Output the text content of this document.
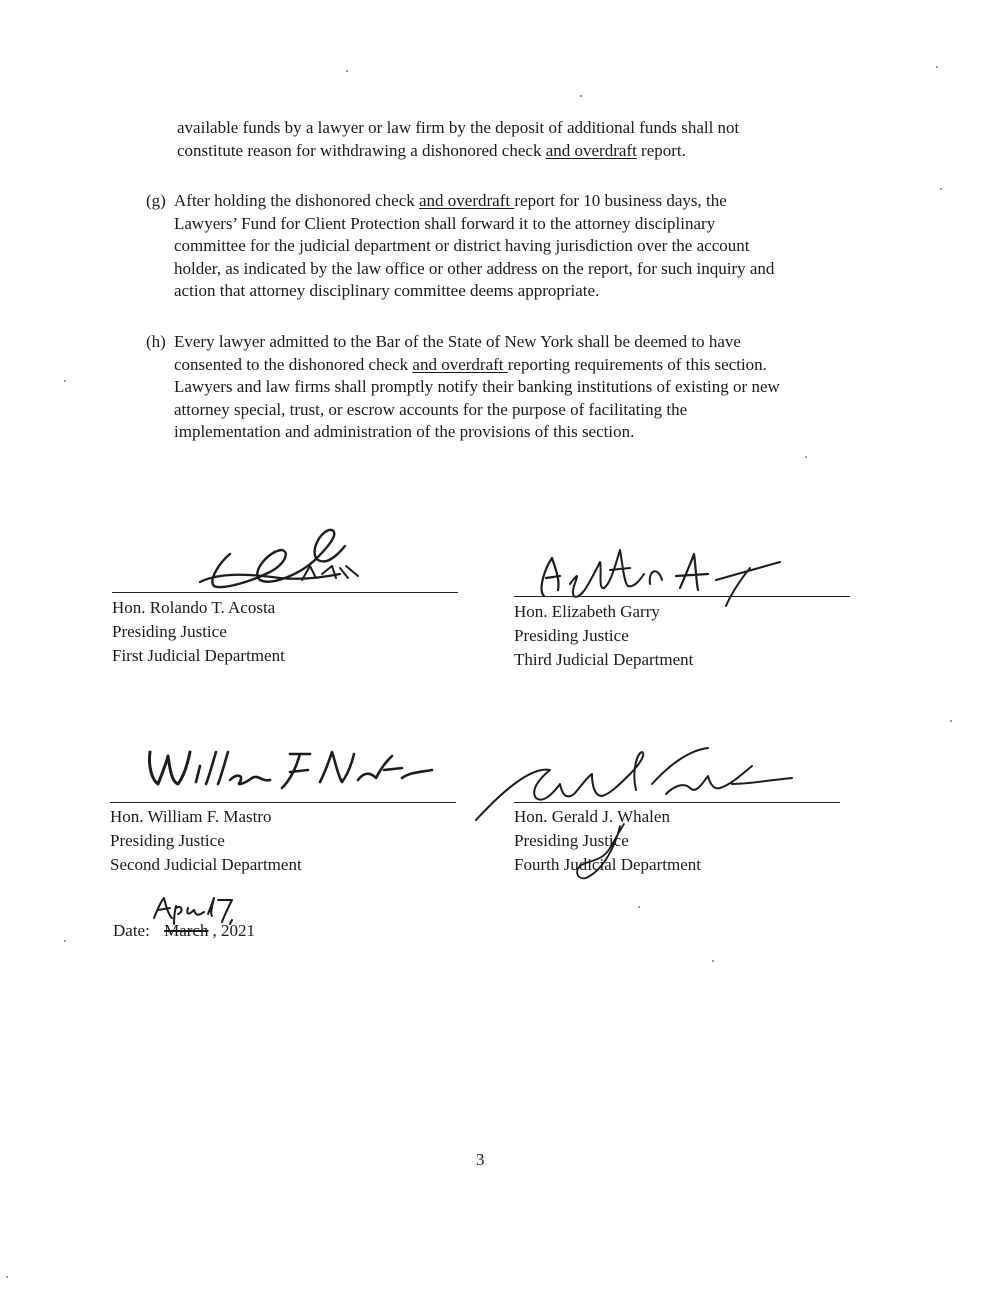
available funds by a lawyer or law firm by the deposit of additional funds shall not
constitute reason for withdrawing a dishonored check and overdraft report.

(g) After holding the dishonored check and overdraft report for 10 business days, the
Lawyers’ Fund for Client Protection shall forward it to the attorney disciplinary
committee for the judicial department or district having jurisdiction over the account
holder, as indicated by the law office or other address on the report, for such inquiry and
action that attorney disciplinary committee deems appropriate.
(h) Every lawyer admitted to the Bar of the State of New York shall be deemed to have
consented to the dishonored check and overdraft reporting requirements of this section.
Lawyers and law firms shall promptly notify their banking institutions of existing or new
attorney special, trust, or escrow accounts for the purpose of facilitating the
implementation and administration of the provisions of this section.
Hon. Rolando T. Acosta
Presiding Justice
First Judicial Department
Hon. Elizabeth Garry
Presiding Justice
Third Judicial Department
Hon. William F. Mastro
Presiding Justice
Second Judicial Department
Hon. Gerald J. Whalen
Presiding Justice
Fourth Judicial Department
Date: March , 2021
3
